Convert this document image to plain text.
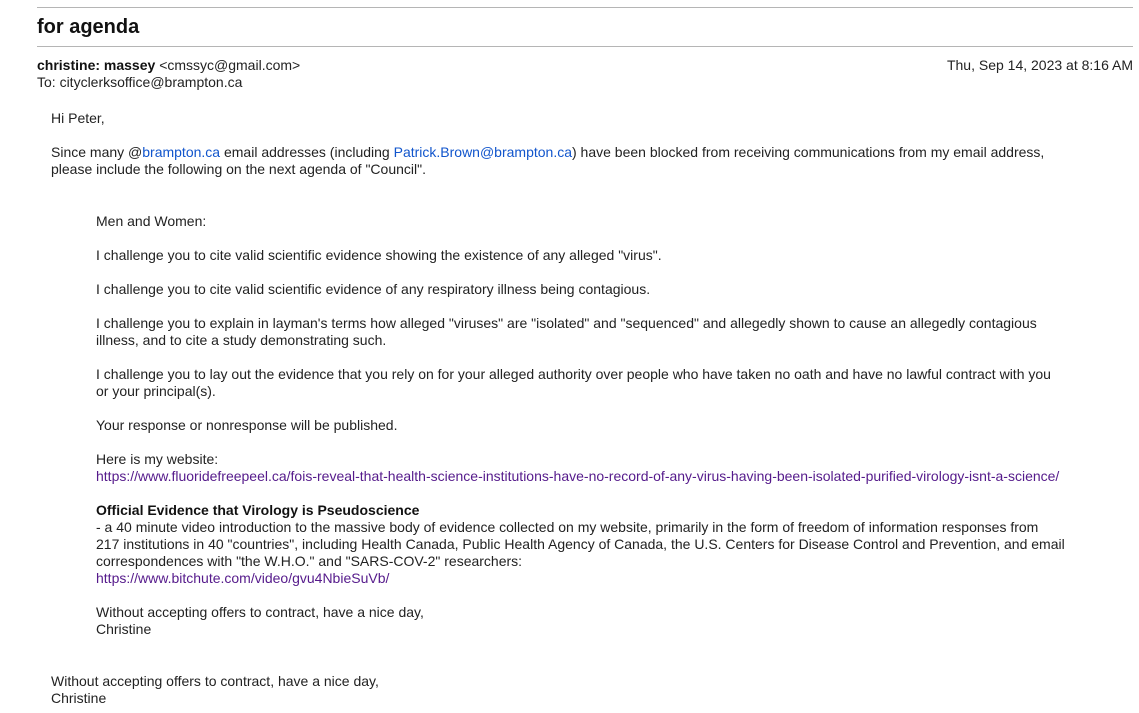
for agenda
christine: massey <cmssyc@gmail.com>	Thu, Sep 14, 2023 at 8:16 AM
To: cityclerksoffice@brampton.ca
Hi Peter,
Since many @brampton.ca email addresses (including Patrick.Brown@brampton.ca) have been blocked from receiving communications from my email address,
please include the following on the next agenda of "Council".
Men and Women:
I challenge you to cite valid scientific evidence showing the existence of any alleged "virus".
I challenge you to cite valid scientific evidence of any respiratory illness being contagious.
I challenge you to explain in layman's terms how alleged "viruses" are "isolated" and "sequenced" and allegedly shown to cause an allegedly contagious
illness, and to cite a study demonstrating such.
I challenge you to lay out the evidence that you rely on for your alleged authority over people who have taken no oath and have no lawful contract with you
or your principal(s).
Your response or nonresponse will be published.
Here is my website:
https://www.fluoridefreepeel.ca/fois-reveal-that-health-science-institutions-have-no-record-of-any-virus-having-been-isolated-purified-virology-isnt-a-science/
Official Evidence that Virology is Pseudoscience
- a 40 minute video introduction to the massive body of evidence collected on my website, primarily in the form of freedom of information responses from
217 institutions in 40 "countries", including Health Canada, Public Health Agency of Canada, the U.S. Centers for Disease Control and Prevention, and email
correspondences with "the W.H.O." and "SARS-COV-2" researchers:
https://www.bitchute.com/video/gvu4NbieSuVb/
Without accepting offers to contract, have a nice day,
Christine
Without accepting offers to contract, have a nice day,
Christine
